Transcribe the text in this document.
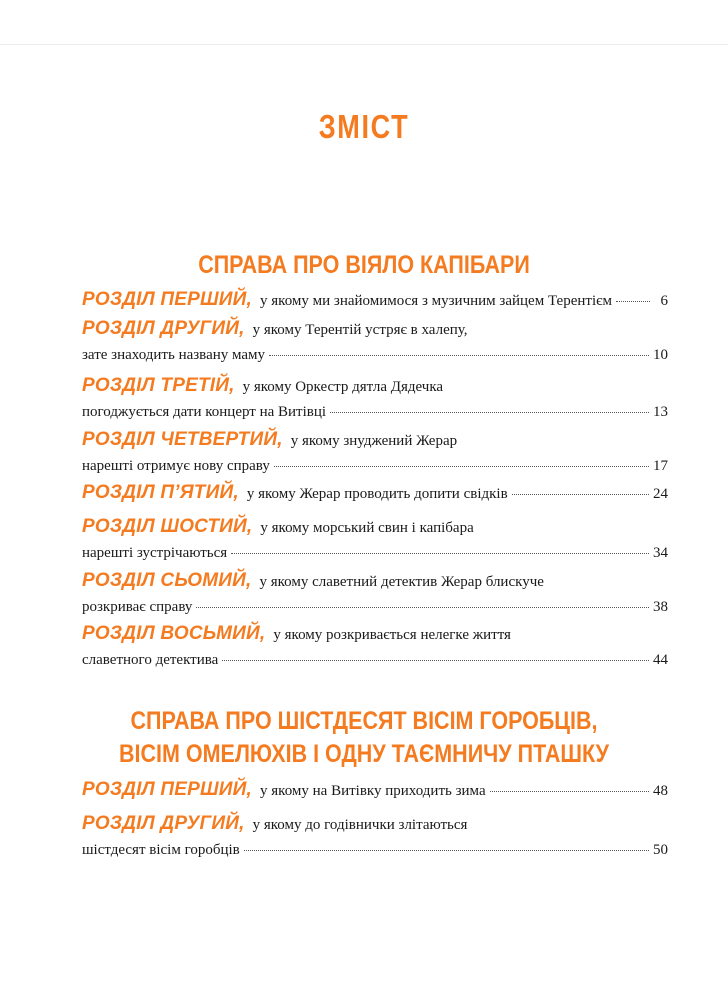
ЗМІСТ
СПРАВА ПРО ВІЯЛО КАПІБАРИ
РОЗДІЛ ПЕРШИЙ, у якому ми знайомимося з музичним зайцем Терентієм	6
РОЗДІЛ ДРУГИЙ, у якому Терентій устряє в халепу,
зате знаходить названу маму	10
РОЗДІЛ ТРЕТІЙ, у якому Оркестр дятла Дядечка
погоджується дати концерт на Витівці	13
РОЗДІЛ ЧЕТВЕРТИЙ, у якому знуджений Жерар
нарешті отримує нову справу	17
РОЗДІЛ П’ЯТИЙ, у якому Жерар проводить допити свідків	24
РОЗДІЛ ШОСТИЙ, у якому морський свин і капібара
нарешті зустрічаються	34
РОЗДІЛ СЬОМИЙ, у якому славетний детектив Жерар блискуче
розкриває справу	38
РОЗДІЛ ВОСЬМИЙ, у якому розкривається нелегке життя
славетного детектива	44
СПРАВА ПРО ШІСТДЕСЯТ ВІСІМ ГОРОБЦІВ,
ВІСІМ ОМЕЛЮХІВ І ОДНУ ТАЄМНИЧУ ПТАШКУ
РОЗДІЛ ПЕРШИЙ, у якому на Витівку приходить зима	48
РОЗДІЛ ДРУГИЙ, у якому до годівнички злітаються
шістдесят вісім горобців	50
